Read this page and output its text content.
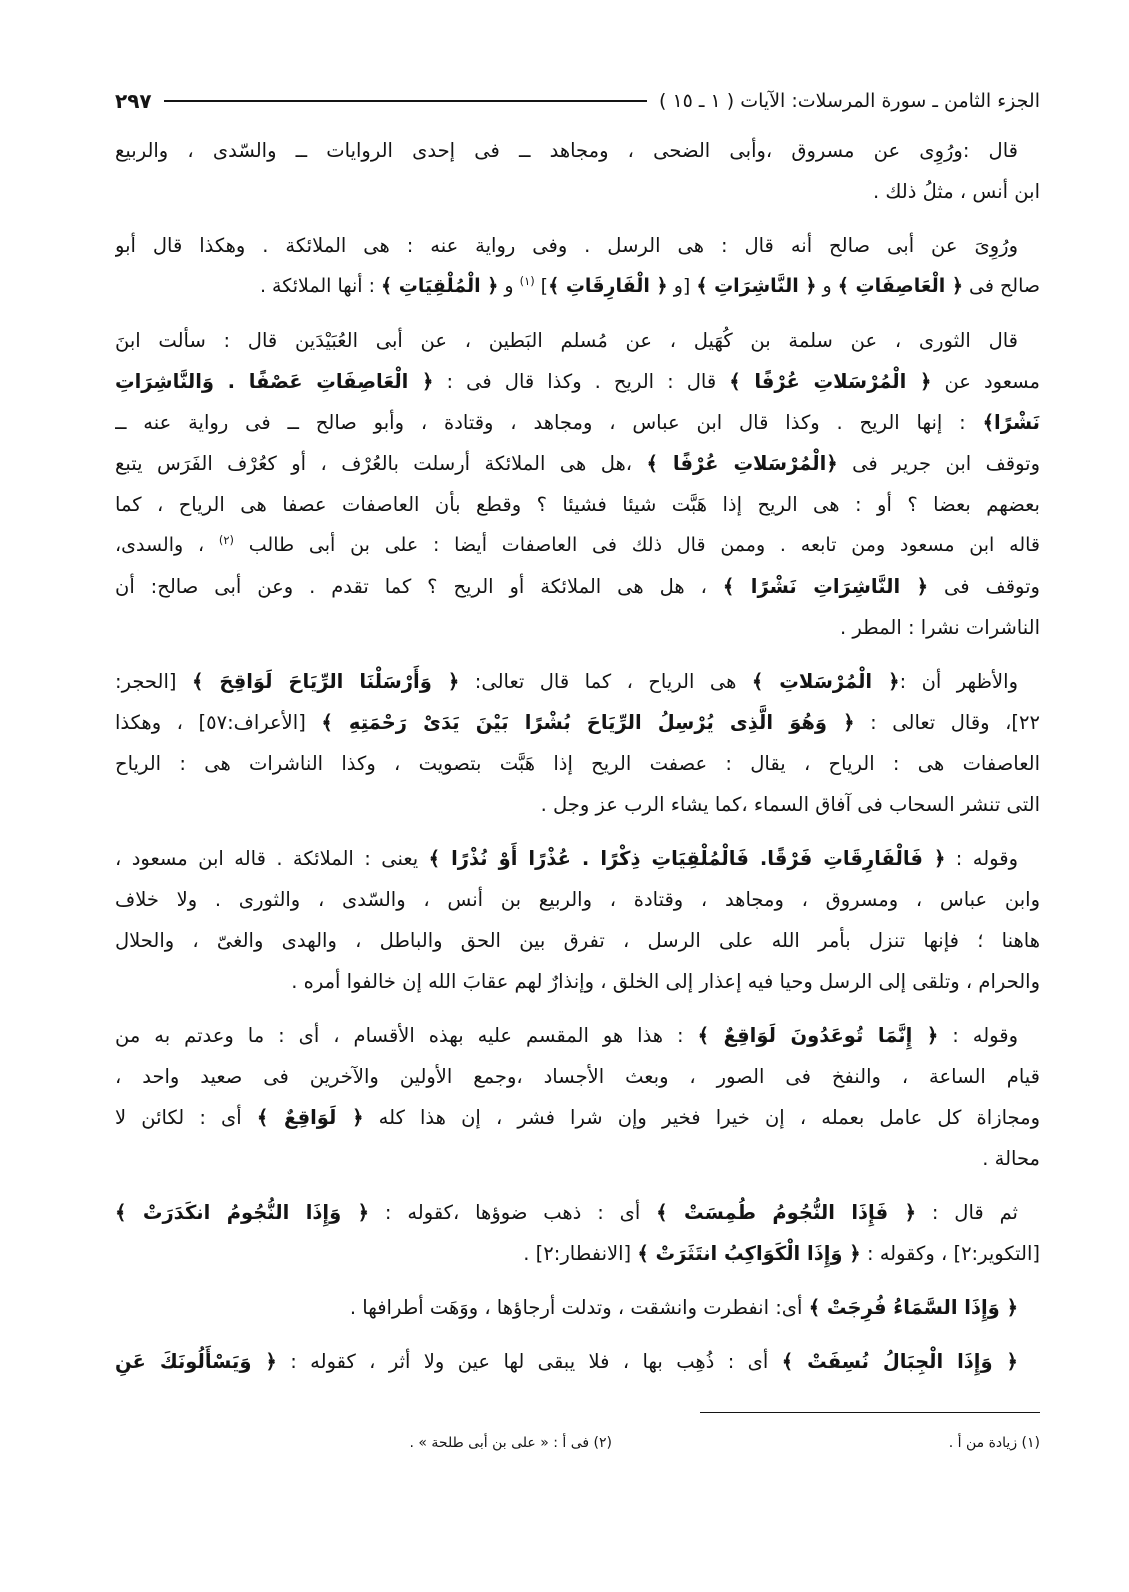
الجزء الثامن ـ سورة المرسلات: الآيات ( ١ ـ ١٥ )
٢٩٧
قال :ورُوِى عن مسروق ،وأبى الضحى ، ومجاهد ــ فى إحدى الروايات ــ والسّدى ، والربيع
ابن أنس ، مثلُ ذلك .
ورُوِىَ عن أبى صالح أنه قال : هى الرسل . وفى رواية عنه : هى الملائكة . وهكذا قال أبو
صالح فى ﴿ الْعَاصِفَاتِ ﴾ و ﴿ النَّاشِرَاتِ ﴾ [و ﴿ الْفَارِقَاتِ ﴾] $^{(١)}$ و ﴿ الْمُلْقِيَاتِ ﴾ : أنها الملائكة .
قال الثورى ، عن سلمة بن كُهَيل ، عن مُسلم البَطين ، عن أبى العُبَيْدَين قال : سألت ابنَ
مسعود عن ﴿ الْمُرْسَلاتِ عُرْفًا ﴾ قال : الريح . وكذا قال فى : ﴿ الْعَاصِفَاتِ عَصْفًا . وَالنَّاشِرَاتِ
نَشْرًا﴾ : إنها الريح . وكذا قال ابن عباس ، ومجاهد ، وقتادة ، وأبو صالح ــ فى رواية عنه ــ
وتوقف ابن جرير فى ﴿الْمُرْسَلاتِ عُرْفًا ﴾ ،هل هى الملائكة أرسلت بالعُرْف ، أو كعُرْف الفَرَس يتبع
بعضهم بعضا ؟ أو : هى الريح إذا هَبَّت شيئا فشيئا ؟ وقطع بأن العاصفات عصفا هى الرياح ، كما
قاله ابن مسعود ومن تابعه . وممن قال ذلك فى العاصفات أيضا : على بن أبى طالب $^{(٢)}$ ، والسدى،
وتوقف فى ﴿ النَّاشِرَاتِ نَشْرًا ﴾ ، هل هى الملائكة أو الريح ؟ كما تقدم . وعن أبى صالح: أن
الناشرات نشرا : المطر .
والأظهر أن :﴿ الْمُرْسَلاتِ ﴾ هى الرياح ، كما قال تعالى: ﴿ وَأَرْسَلْنَا الرِّيَاحَ لَوَاقِحَ ﴾ [الحجر:
٢٢]، وقال تعالى : ﴿ وَهُوَ الَّذِى يُرْسِلُ الرِّيَاحَ بُشْرًا بَيْنَ يَدَىْ رَحْمَتِهِ ﴾ [الأعراف:٥٧] ، وهكذا
العاصفات هى : الرياح ، يقال : عصفت الريح إذا هَبَّت بتصويت ، وكذا الناشرات هى : الرياح
التى تنشر السحاب فى آفاق السماء ،كما يشاء الرب عز وجل .
وقوله : ﴿ فَالْفَارِقَاتِ فَرْقًا. فَالْمُلْقِيَاتِ ذِكْرًا . عُذْرًا أَوْ نُذْرًا ﴾ يعنى : الملائكة . قاله ابن مسعود ،
وابن عباس ، ومسروق ، ومجاهد ، وقتادة ، والربيع بن أنس ، والسّدى ، والثورى . ولا خلاف
هاهنا ؛ فإنها تنزل بأمر الله على الرسل ، تفرق بين الحق والباطل ، والهدى والغىّ ، والحلال
والحرام ، وتلقى إلى الرسل وحيا فيه إعذار إلى الخلق ، وإنذارٌ لهم عقابَ الله إن خالفوا أمره .
وقوله : ﴿ إِنَّمَا تُوعَدُونَ لَوَاقِعٌ ﴾ : هذا هو المقسم عليه بهذه الأقسام ، أى : ما وعدتم به من
قيام الساعة ، والنفخ فى الصور ، وبعث الأجساد ،وجمع الأولين والآخرين فى صعيد واحد ،
ومجازاة كل عامل بعمله ، إن خيرا فخير وإن شرا فشر ، إن هذا كله ﴿ لَوَاقِعٌ ﴾ أى : لكائن لا
محالة .
ثم قال : ﴿ فَإِذَا النُّجُومُ طُمِسَتْ ﴾ أى : ذهب ضوؤها ،كقوله : ﴿ وَإِذَا النُّجُومُ انكَدَرَتْ ﴾
[التكوير:٢] ، وكقوله : ﴿ وَإِذَا الْكَوَاكِبُ انتَثَرَتْ ﴾ [الانفطار:٢] .
﴿ وَإِذَا السَّمَاءُ فُرِجَتْ ﴾ أى: انفطرت وانشقت ، وتدلت أرجاؤها ، ووَهَت أطرافها .
﴿ وَإِذَا الْجِبَالُ نُسِفَتْ ﴾ أى : ذُهِب بها ، فلا يبقى لها عين ولا أثر ، كقوله : ﴿ وَيَسْأَلُونَكَ عَنِ
(١) زيادة من أ .
(٢) فى أ : « على بن أبى طلحة » .
